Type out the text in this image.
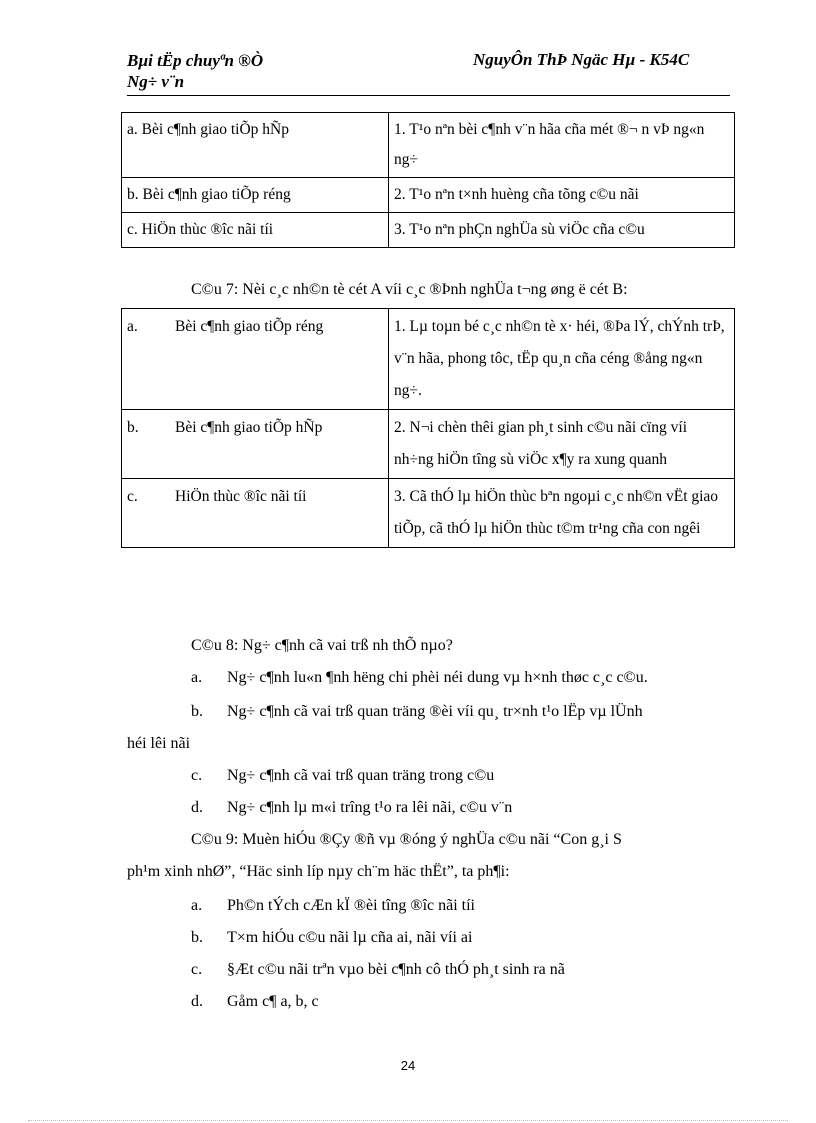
Bµi tËp chuyªn ®Ò
Ng÷ v¨n
NguyÔn ThÞ Ngäc Hµ - K54C
a. Bèi c¶nh giao tiÕp hÑp	1. T¹o nªn bèi c¶nh v¨n hãa cña mét ®¬ n vÞ ng«n ng÷
b. Bèi c¶nh giao tiÕp réng	2. T¹o nªn t×nh huèng cña tõng c©u nãi
c. HiÖn thùc ®îc nãi tíi	3. T¹o nªn phÇn nghÜa sù viÖc cña c©u
C©u 7: Nèi c¸c nh©n tè cét A víi c¸c ®Þnh nghÜa t¬ng øng ë cét B:
a. Bèi c¶nh giao tiÕp réng	1. Lµ toµn bé c¸c nh©n tè x· héi, ®Þa lÝ, chÝnh trÞ, v¨n hãa, phong tôc, tËp qu¸n cña céng ®ång ng«n ng÷.
b. Bèi c¶nh giao tiÕp hÑp	2. N¬i chèn thêi gian ph¸t sinh c©u nãi cïng víi nh÷ng hiÖn tîng sù viÖc x¶y ra xung quanh
c. HiÖn thùc ®îc nãi tíi	3. Cã thÓ lµ hiÖn thùc bªn ngoµi c¸c nh©n vËt giao tiÕp, cã thÓ lµ hiÖn thùc t©m tr¹ng cña con ngêi
C©u 8: Ng÷ c¶nh cã vai trß nh thÕ nµo?
a. Ng÷ c¶nh lu«n ¶nh hëng chi phèi néi dung vµ h×nh thøc c¸c c©u.
b. Ng÷ c¶nh cã vai trß quan träng ®èi víi qu¸ tr×nh t¹o lËp vµ lÜnh
héi lêi nãi
c. Ng÷ c¶nh cã vai trß quan träng trong c©u
d. Ng÷ c¶nh lµ m«i trîng t¹o ra lêi nãi, c©u v¨n
C©u 9: Muèn hiÓu ®Çy ®ñ vµ ®óng ý nghÜa c©u nãi “Con g¸i S
ph¹m xinh nhØ”, “Häc sinh líp nµy ch¨m häc thËt”, ta ph¶i:
a. Ph©n tÝch cÆn kÏ ®èi tîng ®îc nãi tíi
b. T×m hiÓu c©u nãi lµ cña ai, nãi víi ai
c. §Æt c©u nãi trªn vµo bèi c¶nh cô thÓ ph¸t sinh ra nã
d. Gåm c¶ a, b, c
24
